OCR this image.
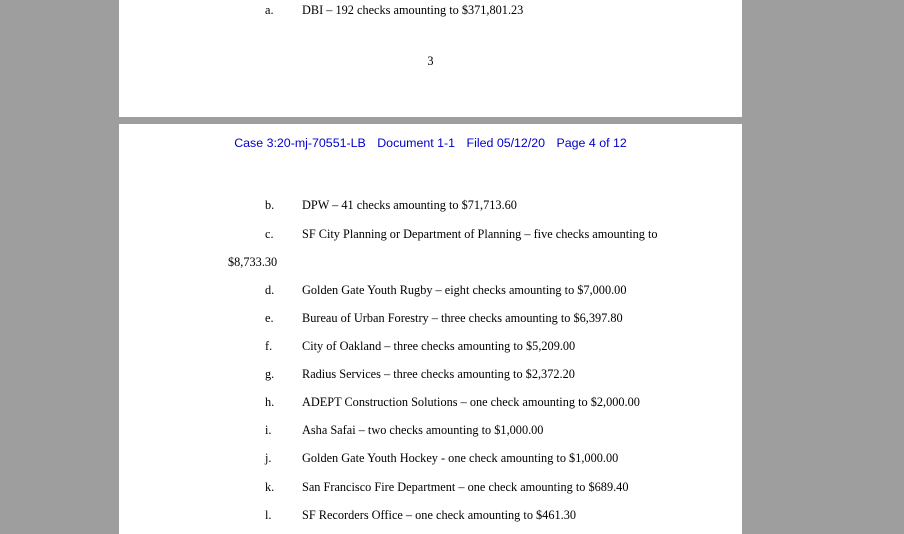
a. DBI – 192 checks amounting to $371,801.23
3
Case 3:20-mj-70551-LB Document 1-1 Filed 05/12/20 Page 4 of 12
b. DPW – 41 checks amounting to $71,713.60
c. SF City Planning or Department of Planning – five checks amounting to
$8,733.30
d. Golden Gate Youth Rugby – eight checks amounting to $7,000.00
e. Bureau of Urban Forestry – three checks amounting to $6,397.80
f. City of Oakland – three checks amounting to $5,209.00
g. Radius Services – three checks amounting to $2,372.20
h. ADEPT Construction Solutions – one check amounting to $2,000.00
i. Asha Safai – two checks amounting to $1,000.00
j. Golden Gate Youth Hockey - one check amounting to $1,000.00
k. San Francisco Fire Department – one check amounting to $689.40
l. SF Recorders Office – one check amounting to $461.30
